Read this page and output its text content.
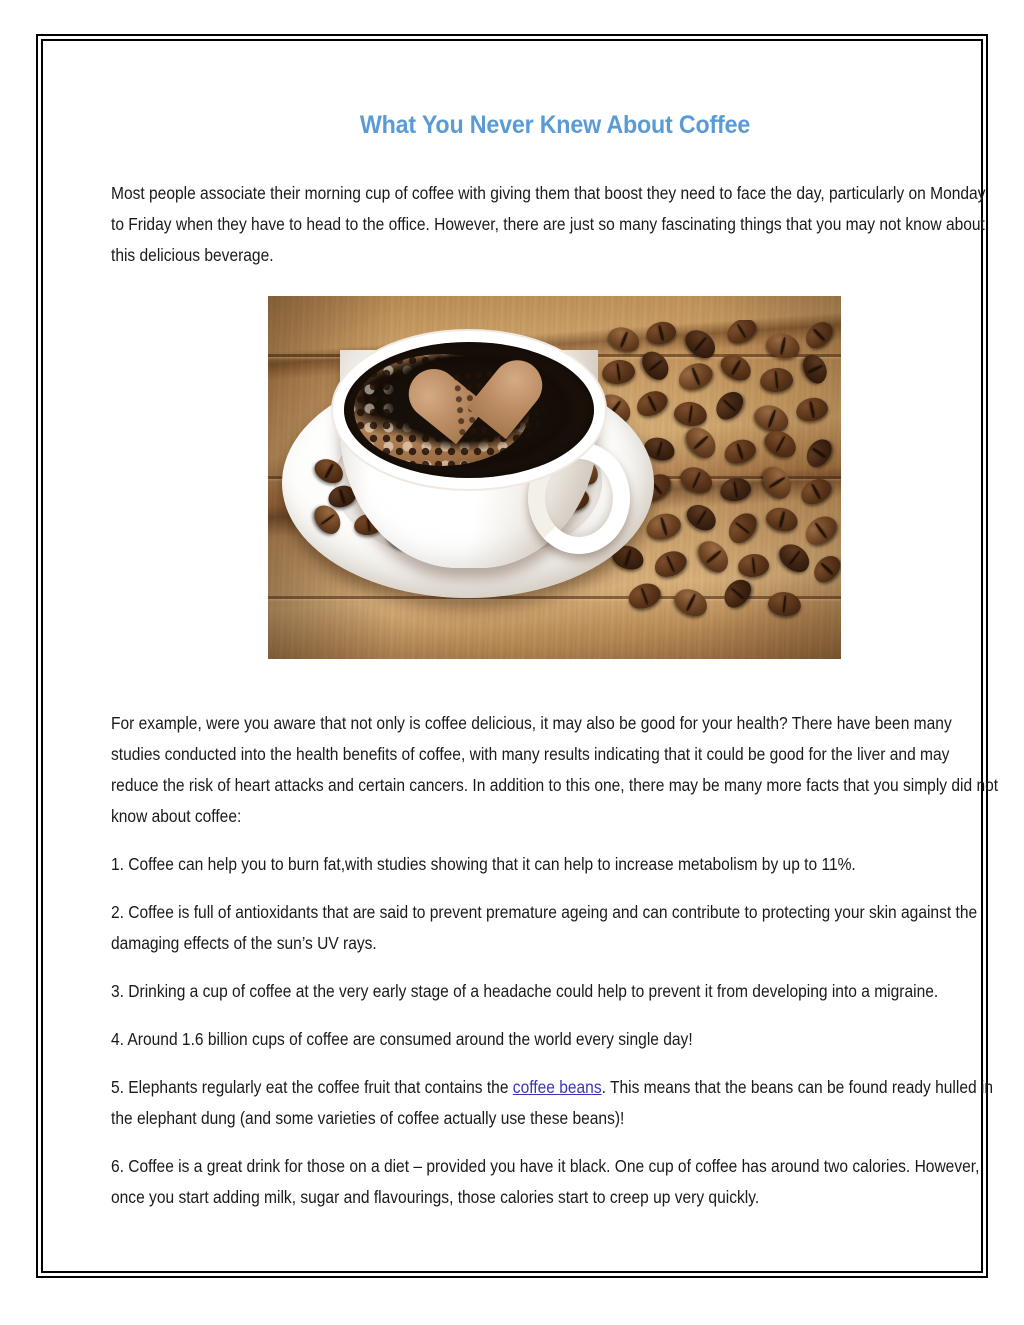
What You Never Knew About Coffee

Most people associate their morning cup of coffee with giving them that boost they need to face the day, particularly on Monday to Friday when they have to head to the office. However, there are just so many fascinating things that you may not know about this delicious beverage.

For example, were you aware that not only is coffee delicious, it may also be good for your health? There have been many studies conducted into the health benefits of coffee, with many results indicating that it could be good for the liver and may reduce the risk of heart attacks and certain cancers. In addition to this one, there may be many more facts that you simply did not know about coffee:

1. Coffee can help you to burn fat,with studies showing that it can help to increase metabolism by up to 11%.

2. Coffee is full of antioxidants that are said to prevent premature ageing and can contribute to protecting your skin against the damaging effects of the sun’s UV rays.

3. Drinking a cup of coffee at the very early stage of a headache could help to prevent it from developing into a migraine.

4. Around 1.6 billion cups of coffee are consumed around the world every single day!

5. Elephants regularly eat the coffee fruit that contains the coffee beans. This means that the beans can be found ready hulled in the elephant dung (and some varieties of coffee actually use these beans)!

6. Coffee is a great drink for those on a diet – provided you have it black. One cup of coffee has around two calories. However, once you start adding milk, sugar and flavourings, those calories start to creep up very quickly.
